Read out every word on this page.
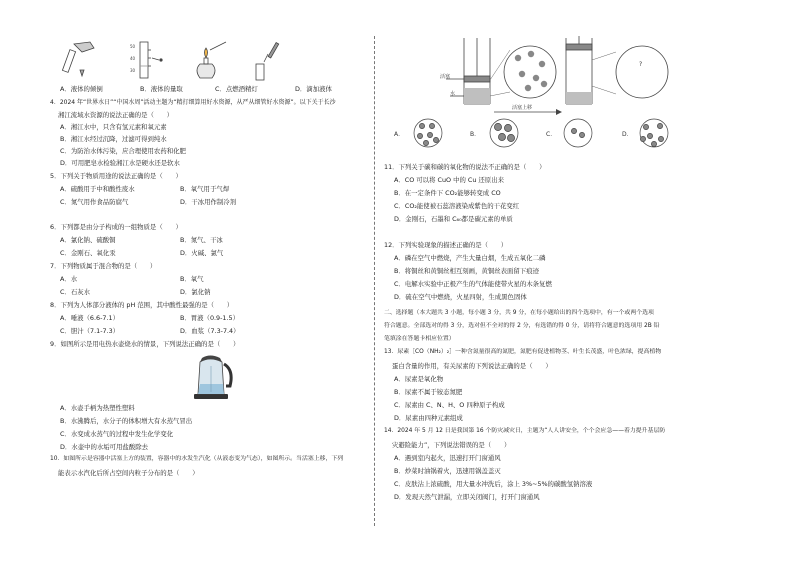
50
40
30
A．液体的倾倒	B．液体的量取	C．点燃酒精灯	D．滴加液体
4．2024 年“世界水日”“中国水周”活动主题为“精打细算用好水资源，从严从细管好水资源”。以下关于长沙
湘江流域水资源的说法正确的是（　　）
A．湘江水中，只含有氢元素和氧元素
B．湘江水经过沉降，过滤可得到纯水
C．为防治水体污染，应合理使用农药和化肥
D．可用肥皂水检验湘江水是硬水还是软水
5．下列关于物质用途的说法正确的是（　　）
A．硫酸用于中和酸性废水	B．氧气用于气焊
C．氮气用作食品防腐气	D．干冰用作制冷剂
6．下列都是由分子构成的一组物质是（　　）
A．氯化钠、硫酸铜	B．氮气、干冰
C．金刚石、氧化汞	D．火碱、氯气
7．下列物质属于混合物的是（　　）
A．水	B．氧气
C．石灰水	D．氯化钠
8．下列为人体部分液体的 pH 范围，其中酸性最强的是（　　）
A．唾液（6.6-7.1）	B．胃液（0.9-1.5）
C．胆汁（7.1-7.3）	D．血浆（7.3-7.4）
9．如图所示是用电热水壶烧水的情景，下列说法正确的是（　　）
A．水壶手柄为热塑性塑料
B．水沸腾后，水分子的体积增大有水蒸气冒出
C．水变成水蒸气的过程中发生化学变化
D．水壶中的水垢可用盐酸除去
10．如图所示是容器中活塞上方的装置，容器中的水发生汽化（从液态变为气态），如图所示。当活塞上移，下列
能表示水汽化后所占空间内粒子分布的是（　　）
活塞
水
活塞上移
?
A．	B．	C．	D．
11．下列关于碳和碳的氧化物的说法不正确的是（　　）
A．CO 可以将 CuO 中的 Cu 还原出来
B．在一定条件下 CO₂能够转变成 CO
C．CO₂能使被石蕊溶液染成紫色的干花变红
D．金刚石，石墨和 C₆₀都是碳元素的单质
12．下列实验现象的描述正确的是（　　）
A．磷在空气中燃烧，产生大量白烟，生成五氧化二磷
B．将铜丝和黄铜丝相互刻画，黄铜丝表面留下痕迹
C．电解水实验中正极产生的气体能使带火星的木条复燃
D．硫在空气中燃烧，火星四射，生成黑色固体
二、选择题（本大题共 3 小题，每小题 3 分，共 9 分，在每小题给出的四个选项中，有一个或两个选项
符合题意。全部选对的得 3 分，选对但不全对的得 2 分，有选错的得 0 分，请将符合题意的选项用 2B 铅
笔填涂在答题卡相应位置）
13．尿素［CO（NH₂）₂］一种含氮量很高的氮肥，氮肥有促进植物茎、叶生长茂盛，叶色浓绿，提高植物
蛋白含量的作用，有关尿素的下列说法正确的是（　　）
A．尿素是氧化物
B．尿素不属于铵态氮肥
C．尿素由 C、N、H、O 四种原子构成
D．尿素由四种元素组成
14．2024 年 5 月 12 日是我国第 16 个防灾减灾日，主题为“人人讲安全，个个会应急——着力提升基层防
灾避险能力”，下列说法错误的是（　　）
A．遇到室内起火，迅速打开门窗通风
B．炒菜时油锅着火，迅速用锅盖盖灭
C．皮肤沾上浓硫酸，用大量水冲洗后，涂上 3%~5%的碳酸氢钠溶液
D．发现天然气泄漏，立即关闭阀门，打开门窗通风
